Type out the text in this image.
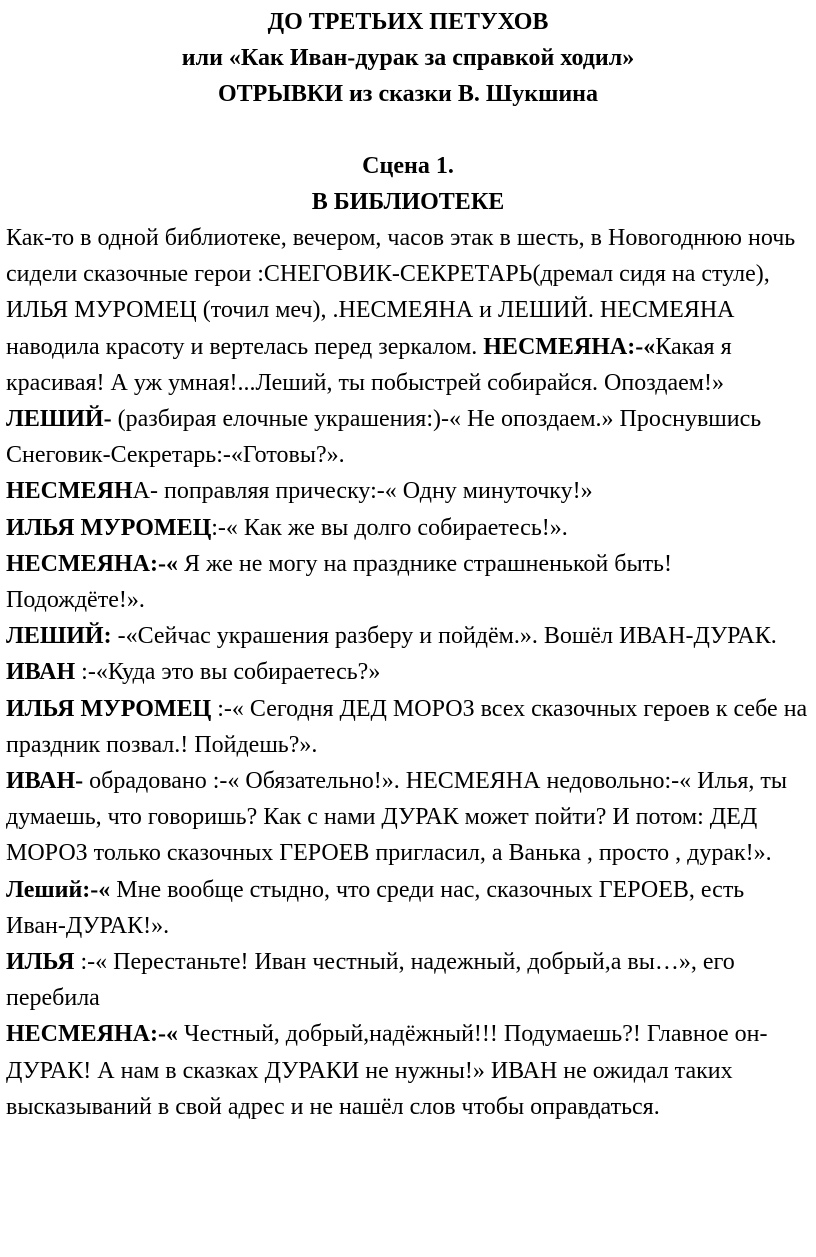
ДО ТРЕТЬИХ ПЕТУХОВ
или «Как Иван-дурак за справкой ходил»
ОТРЫВКИ из сказки В. Шукшина
Сцена 1.
В БИБЛИОТЕКЕ

Как-то в одной библиотеке, вечером, часов этак в шесть, в Новогоднюю ночь сидели сказочные герои :СНЕГОВИК-СЕКРЕТАРЬ(дремал сидя на стуле), ИЛЬЯ МУРОМЕЦ (точил меч), .НЕСМЕЯНА и ЛЕШИЙ. НЕСМЕЯНА наводила красоту и вертелась перед зеркалом. НЕСМЕЯНА:-«Какая я красивая! А уж умная!...Леший, ты побыстрей собирайся. Опоздаем!»

ЛЕШИЙ- (разбирая елочные украшения:)-« Не опоздаем.» Проснувшись Снеговик-Секретарь:-«Готовы?».

НЕСМЕЯНА- поправляя прическу:-« Одну минуточку!»

ИЛЬЯ МУРОМЕЦ:-« Как же вы долго собираетесь!».

НЕСМЕЯНА:-« Я же не могу на празднике страшненькой быть! Подождёте!».

ЛЕШИЙ: -«Сейчас украшения разберу и пойдём.». Вошёл ИВАН-ДУРАК.

ИВАН :-«Куда это вы собираетесь?»

ИЛЬЯ МУРОМЕЦ :-« Сегодня ДЕД МОРОЗ всех сказочных героев к себе на праздник позвал.! Пойдешь?».

ИВАН- обрадовано :-« Обязательно!». НЕСМЕЯНА недовольно:-« Илья, ты думаешь, что говоришь? Как с нами ДУРАК может пойти? И потом: ДЕД МОРОЗ только сказочных ГЕРОЕВ пригласил, а Ванька , просто , дурак!». Леший:-« Мне вообще стыдно, что среди нас, сказочных ГЕРОЕВ, есть Иван-ДУРАК!».

ИЛЬЯ :-« Перестаньте! Иван честный, надежный, добрый,а вы…», его перебила

НЕСМЕЯНА:-« Честный, добрый,надёжный!!! Подумаешь?! Главное он- ДУРАК! А нам в сказках ДУРАКИ не нужны!» ИВАН не ожидал таких высказываний в свой адрес и не нашёл слов чтобы оправдаться.
